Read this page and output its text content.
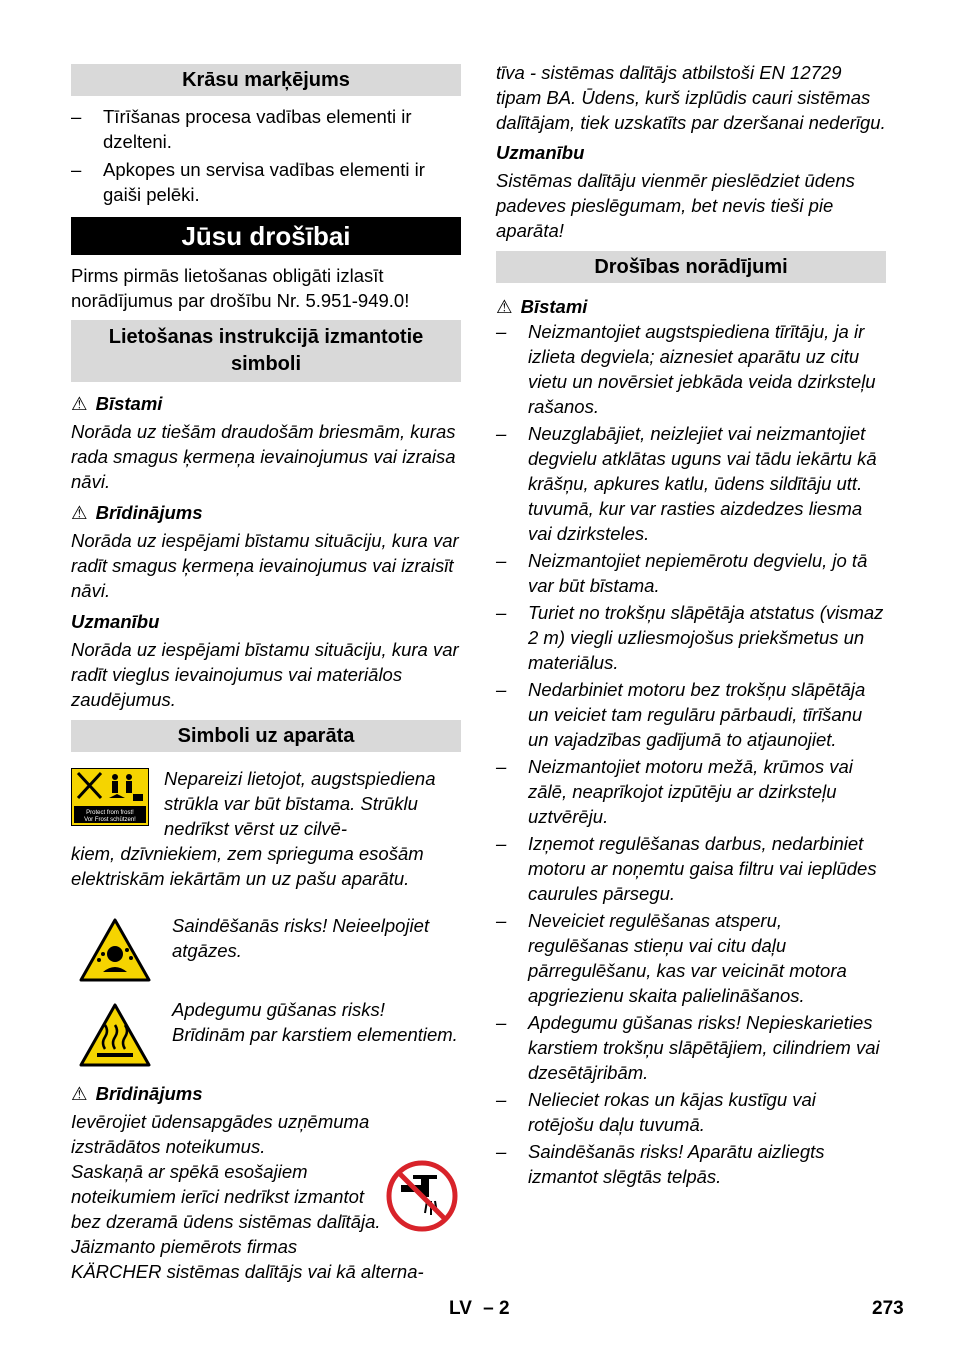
Krāsu marķējums
– Tīrīšanas procesa vadības elementi ir dzelteni.
– Apkopes un servisa vadības elementi ir gaiši pelēki.
Jūsu drošībai

Pirms pirmās lietošanas obligāti izlasīt norādījumus par drošību Nr. 5.951-949.0!

Lietošanas instrukcijā izmantotie simboli
⚠ Bīstami

Norāda uz tiešām draudošām briesmām, kuras rada smagus ķermeņa ievainojumus vai izraisa nāvi.

⚠ Brīdinājums

Norāda uz iespējami bīstamu situāciju, kura var radīt smagus ķermeņa ievainojumus vai izraisīt nāvi.

Uzmanību

Norāda uz iespējami bīstamu situāciju, kura var radīt vieglus ievainojumus vai materiālos zaudējumus.

Simboli uz aparāta
Protect from frost!
Vor Frost schützen!

Nepareizi lietojot, augstspiediena strūkla var būt bīstama. Strūklu nedrīkst vērst uz cilvē-

kiem, dzīvniekiem, zem sprieguma esošām elektriskām iekārtām un uz pašu aparātu.

Saindēšanās risks! Neieelpojiet atgāzes.

Apdegumu gūšanas risks! Brīdinām par karstiem elementiem.

⚠ Brīdinājums

Ievērojiet ūdensapgādes uzņēmuma izstrādātos noteikumus.

Saskaņā ar spēkā esošajiem noteikumiem ierīci nedrīkst izmantot bez dzeramā ūdens sistēmas dalītāja. Jāizmanto piemērots firmas

KÄRCHER sistēmas dalītājs vai kā alterna-

tīva - sistēmas dalītājs atbilstoši EN 12729 tipam BA. Ūdens, kurš izplūdis cauri sistēmas dalītājam, tiek uzskatīts par dzeršanai nederīgu.

Uzmanību

Sistēmas dalītāju vienmēr pieslēdziet ūdens padeves pieslēgumam, bet nevis tieši pie aparāta!

Drošības norādījumi
⚠ Bīstami
– Neizmantojiet augstspiediena tīrītāju, ja ir izlieta degviela; aiznesiet aparātu uz citu vietu un novērsiet jebkāda veida dzirksteļu rašanos.
– Neuzglabājiet, neizlejiet vai neizmantojiet degvielu atklātas uguns vai tādu iekārtu kā krāšņu, apkures katlu, ūdens sildītāju utt. tuvumā, kur var rasties aizdedzes liesma vai dzirksteles.
– Neizmantojiet nepiemērotu degvielu, jo tā var būt bīstama.
– Turiet no trokšņu slāpētāja atstatus (vismaz 2 m) viegli uzliesmojošus priekšmetus un materiālus.
– Nedarbiniet motoru bez trokšņu slāpētāja un veiciet tam regulāru pārbaudi, tīrīšanu un vajadzības gadījumā to atjaunojiet.
– Neizmantojiet motoru mežā, krūmos vai zālē, neaprīkojot izpūtēju ar dzirksteļu uztvērēju.
– Izņemot regulēšanas darbus, nedarbiniet motoru ar noņemtu gaisa filtru vai ieplūdes caurules pārsegu.
– Neveiciet regulēšanas atsperu, regulēšanas stieņu vai citu daļu pārregulēšanu, kas var veicināt motora apgriezienu skaita palielināšanos.
– Apdegumu gūšanas risks! Nepieskarieties karstiem trokšņu slāpētājiem, cilindriem vai dzesētājribām.
– Nelieciet rokas un kājas kustīgu vai rotējošu daļu tuvumā.
– Saindēšanās risks! Aparātu aizliegts izmantot slēgtās telpās.
LV – 2	273
